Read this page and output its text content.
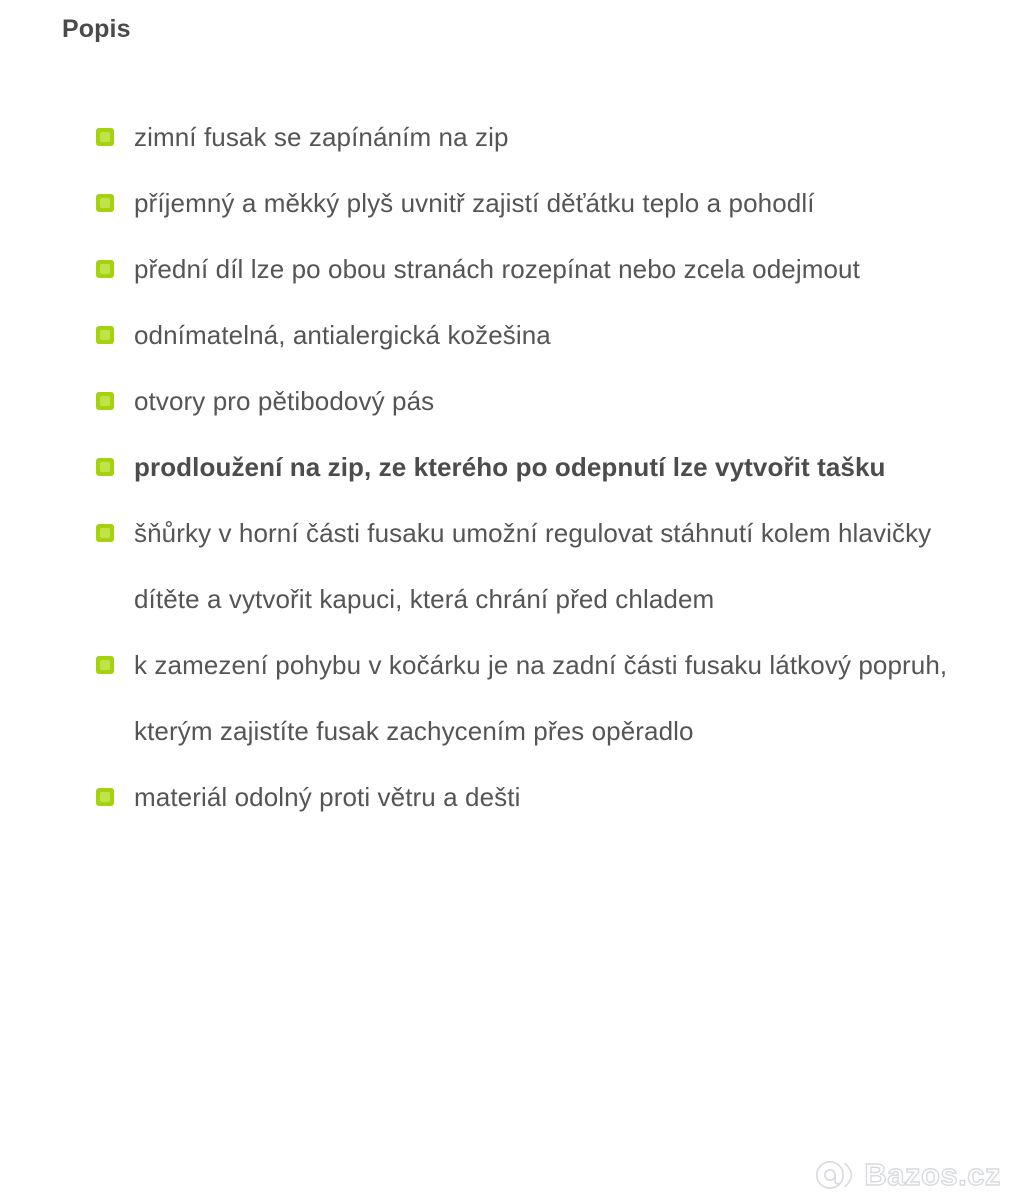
Popis
zimní fusak se zapínáním na zip
příjemný a měkký plyš uvnitř zajistí děťátku teplo a pohodlí
přední díl lze po obou stranách rozepínat nebo zcela odejmout
odnímatelná, antialergická kožešina
otvory pro pětibodový pás
prodloužení na zip, ze kterého po odepnutí lze vytvořit tašku
šňůrky v horní části fusaku umožní regulovat stáhnutí kolem hlavičky dítěte a vytvořit kapuci, která chrání před chladem
k zamezení pohybu v kočárku je na zadní části fusaku látkový popruh, kterým zajistíte fusak zachycením přes opěradlo
materiál odolný proti větru a dešti
Bazos.cz
